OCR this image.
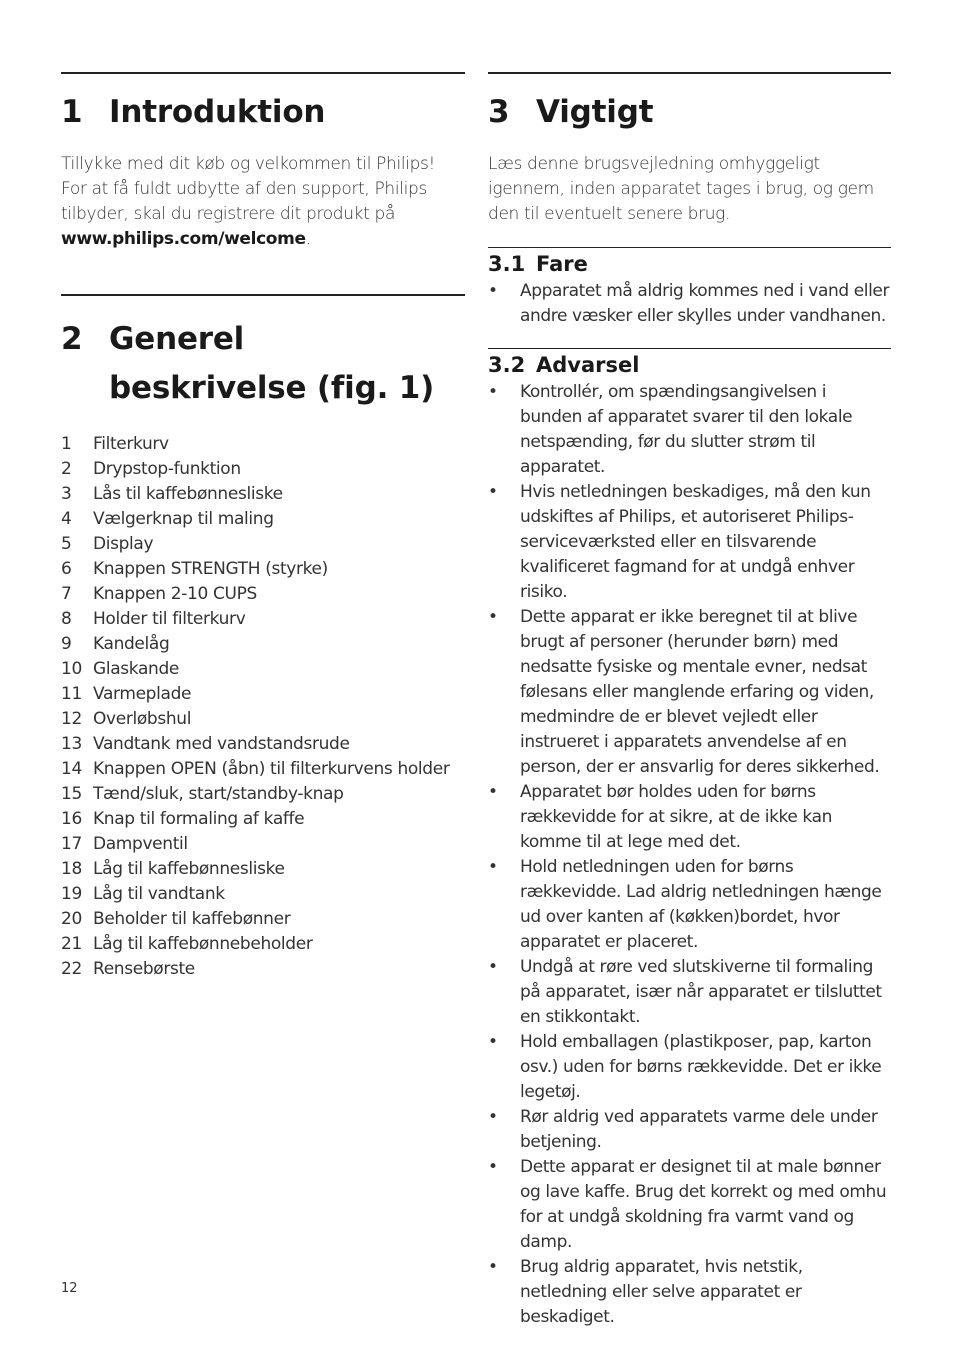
1 Introduktion

Tillykke med dit køb og velkommen til Philips! For at få fuldt udbytte af den support, Philips tilbyder, skal du registrere dit produkt på www.philips.com/welcome.

2 Generel
beskrivelse (fig. 1)
1	Filterkurv
2	Drypstop-funktion
3	Lås til kaffebønnesliske
4	Vælgerknap til maling
5	Display
6	Knappen STRENGTH (styrke)
7	Knappen 2-10 CUPS
8	Holder til filterkurv
9	Kandelåg
10 Glaskande
11 Varmeplade
12 Overløbshul
13 Vandtank med vandstandsrude
14 Knappen OPEN (åbn) til filterkurvens holder
15 Tænd/sluk, start/standby-knap
16 Knap til formaling af kaffe
17 Dampventil
18 Låg til kaffebønnesliske
19 Låg til vandtank
20 Beholder til kaffebønner
21 Låg til kaffebønnebeholder
22 Rensebørste
3 Vigtigt

Læs denne brugsvejledning omhyggeligt igennem, inden apparatet tages i brug, og gem den til eventuelt senere brug.

3.1 Fare
•	Apparatet må aldrig kommes ned i vand eller andre væsker eller skylles under vandhanen.
3.2 Advarsel
•	Kontrollér, om spændingsangivelsen i bunden af apparatet svarer til den lokale netspænding, før du slutter strøm til apparatet.
•	Hvis netledningen beskadiges, må den kun udskiftes af Philips, et autoriseret Philips-serviceværksted eller en tilsvarende kvalificeret fagmand for at undgå enhver risiko.
•	Dette apparat er ikke beregnet til at blive brugt af personer (herunder børn) med nedsatte fysiske og mentale evner, nedsat følesans eller manglende erfaring og viden, medmindre de er blevet vejledt eller instrueret i apparatets anvendelse af en person, der er ansvarlig for deres sikkerhed.
•	Apparatet bør holdes uden for børns rækkevidde for at sikre, at de ikke kan komme til at lege med det.
•	Hold netledningen uden for børns rækkevidde. Lad aldrig netledningen hænge ud over kanten af (køkken)bordet, hvor apparatet er placeret.
•	Undgå at røre ved slutskiverne til formaling på apparatet, især når apparatet er tilsluttet en stikkontakt.
•	Hold emballagen (plastikposer, pap, karton osv.) uden for børns rækkevidde. Det er ikke legetøj.
•	Rør aldrig ved apparatets varme dele under betjening.
•	Dette apparat er designet til at male bønner og lave kaffe. Brug det korrekt og med omhu for at undgå skoldning fra varmt vand og damp.
•	Brug aldrig apparatet, hvis netstik, netledning eller selve apparatet er beskadiget.
12
